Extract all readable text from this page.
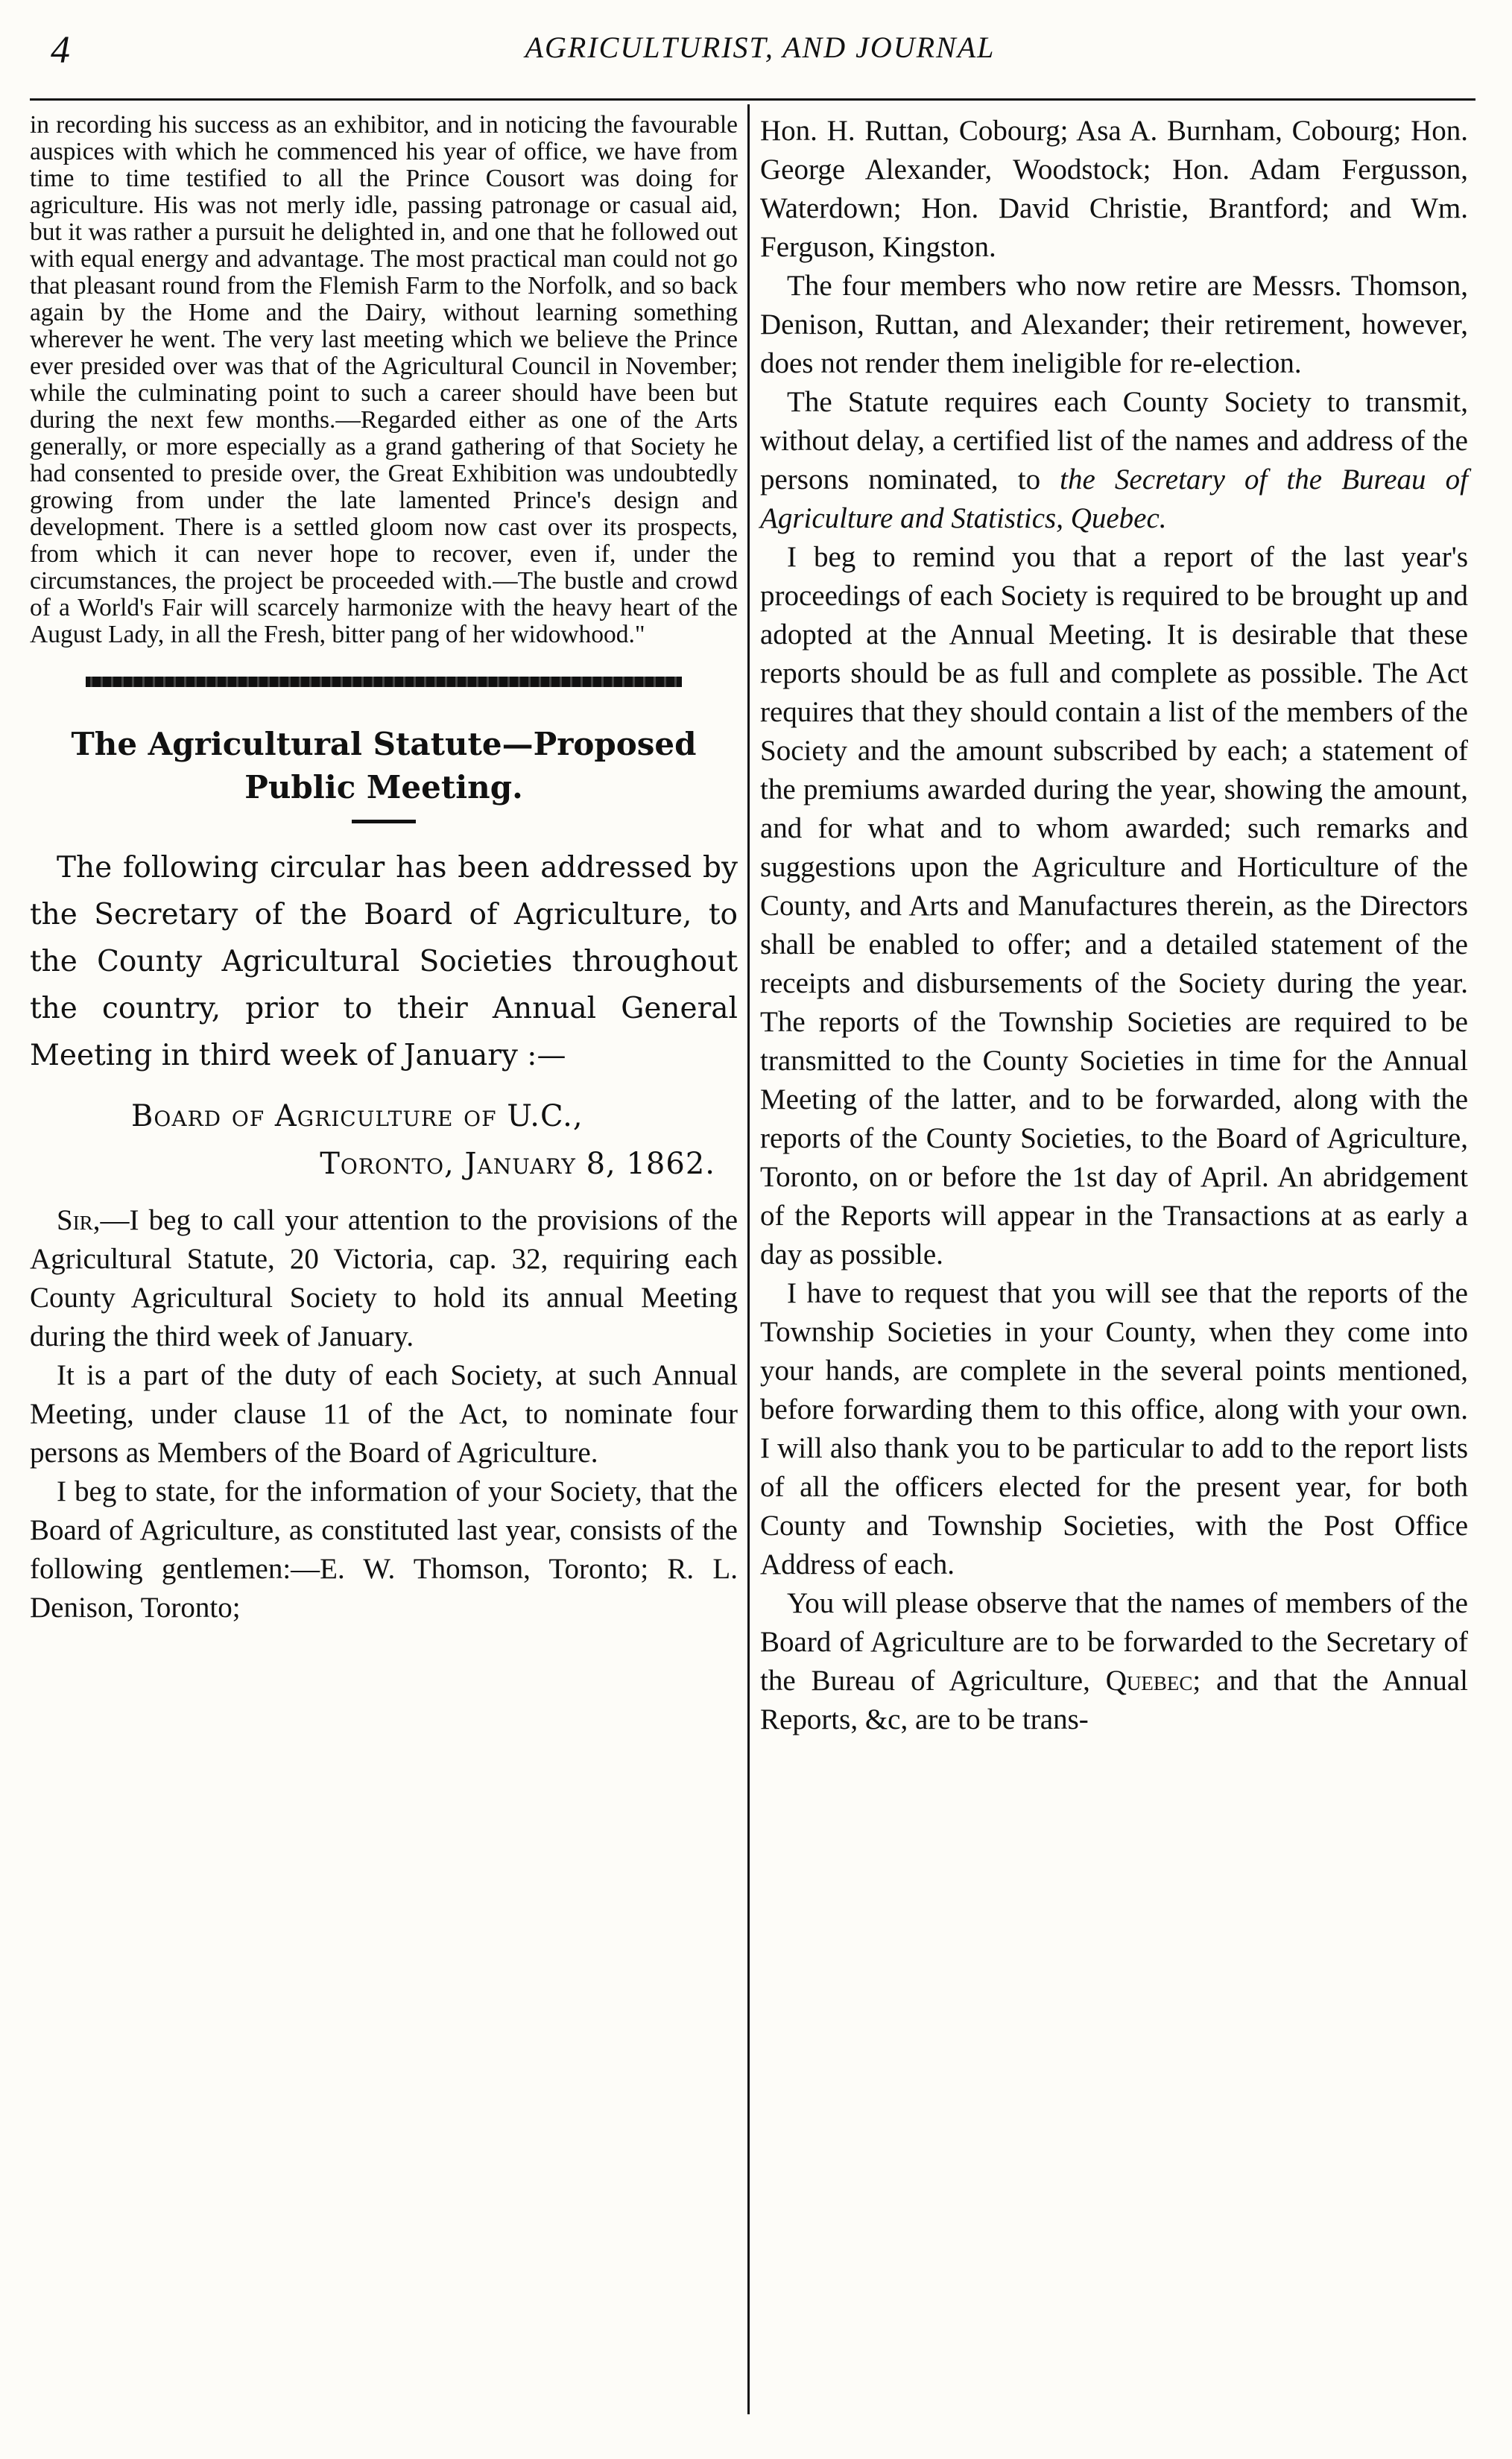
4	AGRICULTURIST, AND JOURNAL

in recording his success as an exhibitor, and in noticing the favourable auspices with which he commenced his year of office, we have from time to time testified to all the Prince Cousort was doing for agriculture. His was not merly idle, passing patronage or casual aid, but it was rather a pursuit he delighted in, and one that he followed out with equal energy and advantage. The most practical man could not go that pleasant round from the Flemish Farm to the Norfolk, and so back again by the Home and the Dairy, without learning something wherever he went. The very last meeting which we believe the Prince ever presided over was that of the Agricultural Council in November; while the culminating point to such a career should have been but during the next few months.—Regarded either as one of the Arts generally, or more especially as a grand gathering of that Society he had consented to preside over, the Great Exhibition was undoubtedly growing from under the late lamented Prince's design and development. There is a settled gloom now cast over its prospects, from which it can never hope to recover, even if, under the circumstances, the project be proceeded with.—The bustle and crowd of a World's Fair will scarcely harmonize with the heavy heart of the August Lady, in all the Fresh, bitter pang of her widowhood."

The Agricultural Statute—Proposed Public Meeting.

The following circular has been addressed by the Secretary of the Board of Agriculture, to the County Agricultural Societies throughout the country, prior to their Annual General Meeting in third week of January :—

Board of Agriculture of U.C.,
Toronto, January 8, 1862.

Sir,—I beg to call your attention to the provisions of the Agricultural Statute, 20 Victoria, cap. 32, requiring each County Agricultural Society to hold its annual Meeting during the third week of January.

It is a part of the duty of each Society, at such Annual Meeting, under clause 11 of the Act, to nominate four persons as Members of the Board of Agriculture.

I beg to state, for the information of your Society, that the Board of Agriculture, as constituted last year, consists of the following gentlemen:—E. W. Thomson, Toronto; R. L. Denison, Toronto;

Hon. H. Ruttan, Cobourg; Asa A. Burnham, Cobourg; Hon. George Alexander, Woodstock; Hon. Adam Fergusson, Waterdown; Hon. David Christie, Brantford; and Wm. Ferguson, Kingston.

The four members who now retire are Messrs. Thomson, Denison, Ruttan, and Alexander; their retirement, however, does not render them ineligible for re-election.

The Statute requires each County Society to transmit, without delay, a certified list of the names and address of the persons nominated, to the Secretary of the Bureau of Agriculture and Statistics, Quebec.

I beg to remind you that a report of the last year's proceedings of each Society is required to be brought up and adopted at the Annual Meeting. It is desirable that these reports should be as full and complete as possible. The Act requires that they should contain a list of the members of the Society and the amount subscribed by each; a statement of the premiums awarded during the year, showing the amount, and for what and to whom awarded; such remarks and suggestions upon the Agriculture and Horticulture of the County, and Arts and Manufactures therein, as the Directors shall be enabled to offer; and a detailed statement of the receipts and disbursements of the Society during the year. The reports of the Township Societies are required to be transmitted to the County Societies in time for the Annual Meeting of the latter, and to be forwarded, along with the reports of the County Societies, to the Board of Agriculture, Toronto, on or before the 1st day of April. An abridgement of the Reports will appear in the Transactions at as early a day as possible.

I have to request that you will see that the reports of the Township Societies in your County, when they come into your hands, are complete in the several points mentioned, before forwarding them to this office, along with your own. I will also thank you to be particular to add to the report lists of all the officers elected for the present year, for both County and Township Societies, with the Post Office Address of each.

You will please observe that the names of members of the Board of Agriculture are to be forwarded to the Secretary of the Bureau of Agriculture, Quebec; and that the Annual Reports, &c, are to be trans-
